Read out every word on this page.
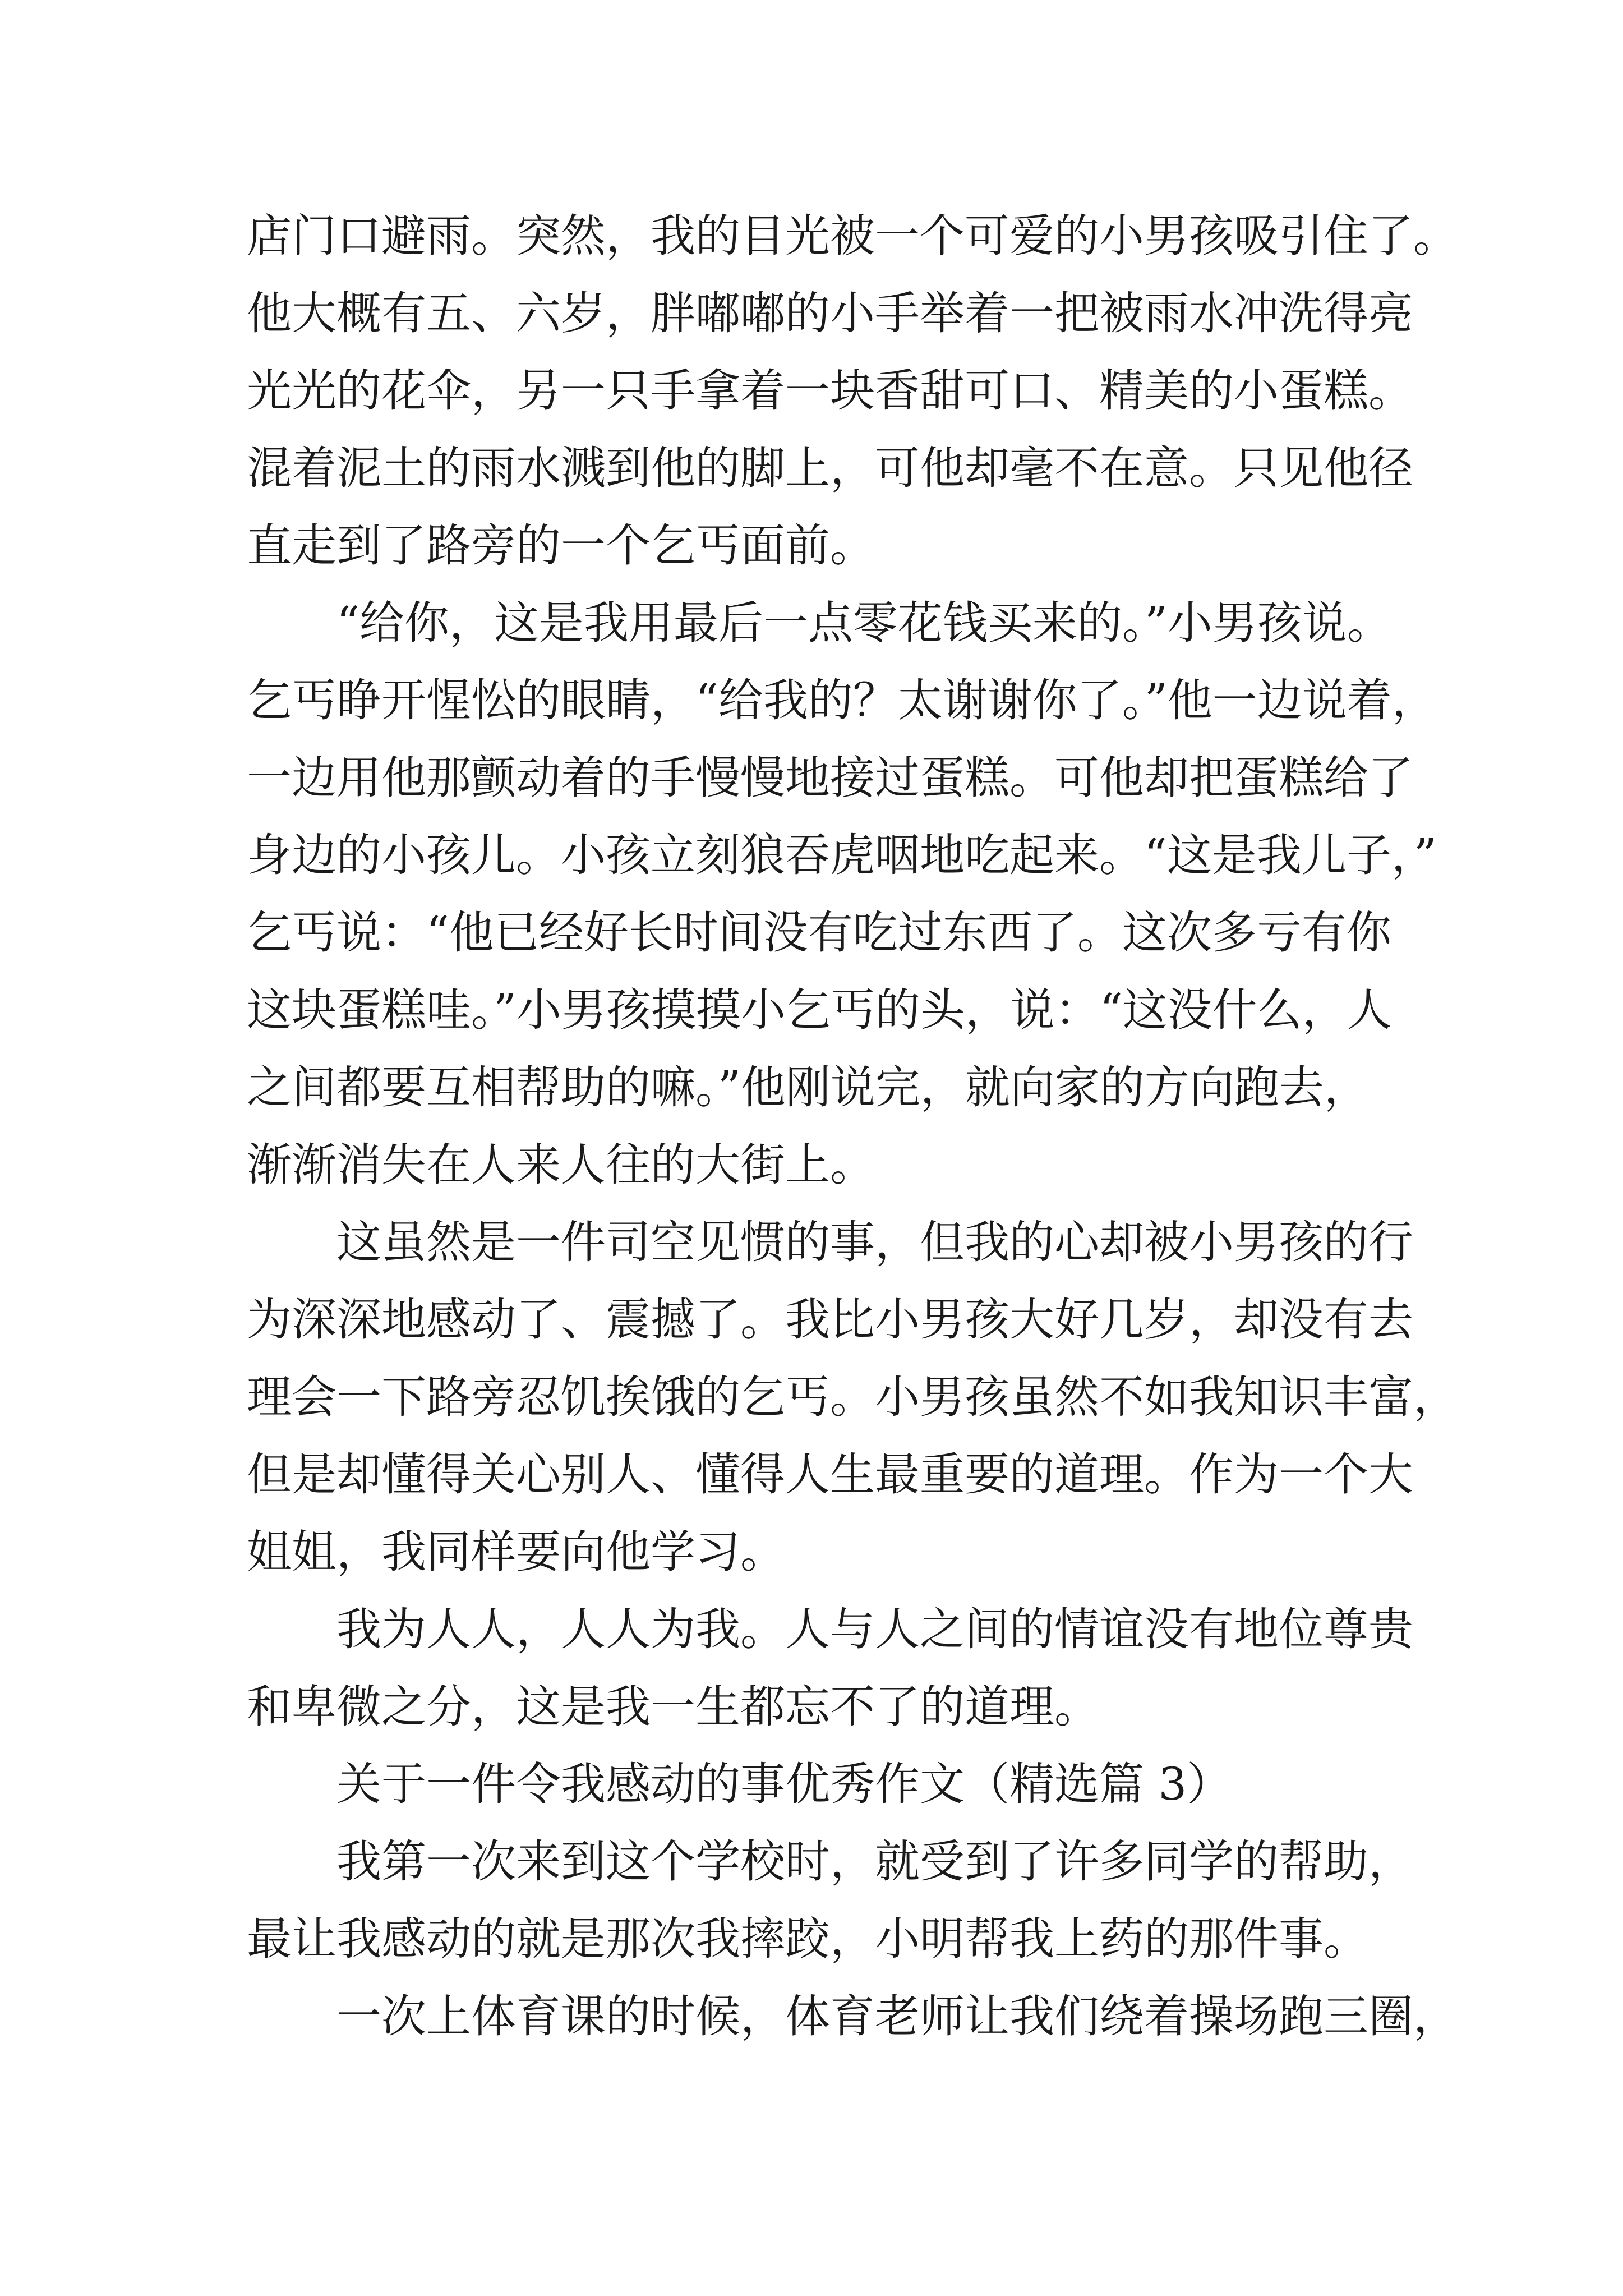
店门口避雨。突然，我的目光被一个可爱的小男孩吸引住了。
他大概有五、六岁，胖嘟嘟的小手举着一把被雨水冲洗得亮
光光的花伞，另一只手拿着一块香甜可口、精美的小蛋糕。
混着泥土的雨水溅到他的脚上，可他却毫不在意。只见他径
直走到了路旁的一个乞丐面前。
“给你，这是我用最后一点零花钱买来的。”小男孩说。
乞丐睁开惺忪的眼睛，“给我的？太谢谢你了。”他一边说着，
一边用他那颤动着的手慢慢地接过蛋糕。可他却把蛋糕给了
身边的小孩儿。小孩立刻狼吞虎咽地吃起来。“这是我儿子，”
乞丐说：“他已经好长时间没有吃过东西了。这次多亏有你
这块蛋糕哇。”小男孩摸摸小乞丐的头，说：“这没什么，人
之间都要互相帮助的嘛。”他刚说完，就向家的方向跑去，
渐渐消失在人来人往的大街上。
这虽然是一件司空见惯的事，但我的心却被小男孩的行
为深深地感动了、震撼了。我比小男孩大好几岁，却没有去
理会一下路旁忍饥挨饿的乞丐。小男孩虽然不如我知识丰富，
但是却懂得关心别人、懂得人生最重要的道理。作为一个大
姐姐，我同样要向他学习。
我为人人，人人为我。人与人之间的情谊没有地位尊贵
和卑微之分，这是我一生都忘不了的道理。
关于一件令我感动的事优秀作文（精选篇 3）
我第一次来到这个学校时，就受到了许多同学的帮助，
最让我感动的就是那次我摔跤，小明帮我上药的那件事。
一次上体育课的时候，体育老师让我们绕着操场跑三圈，
